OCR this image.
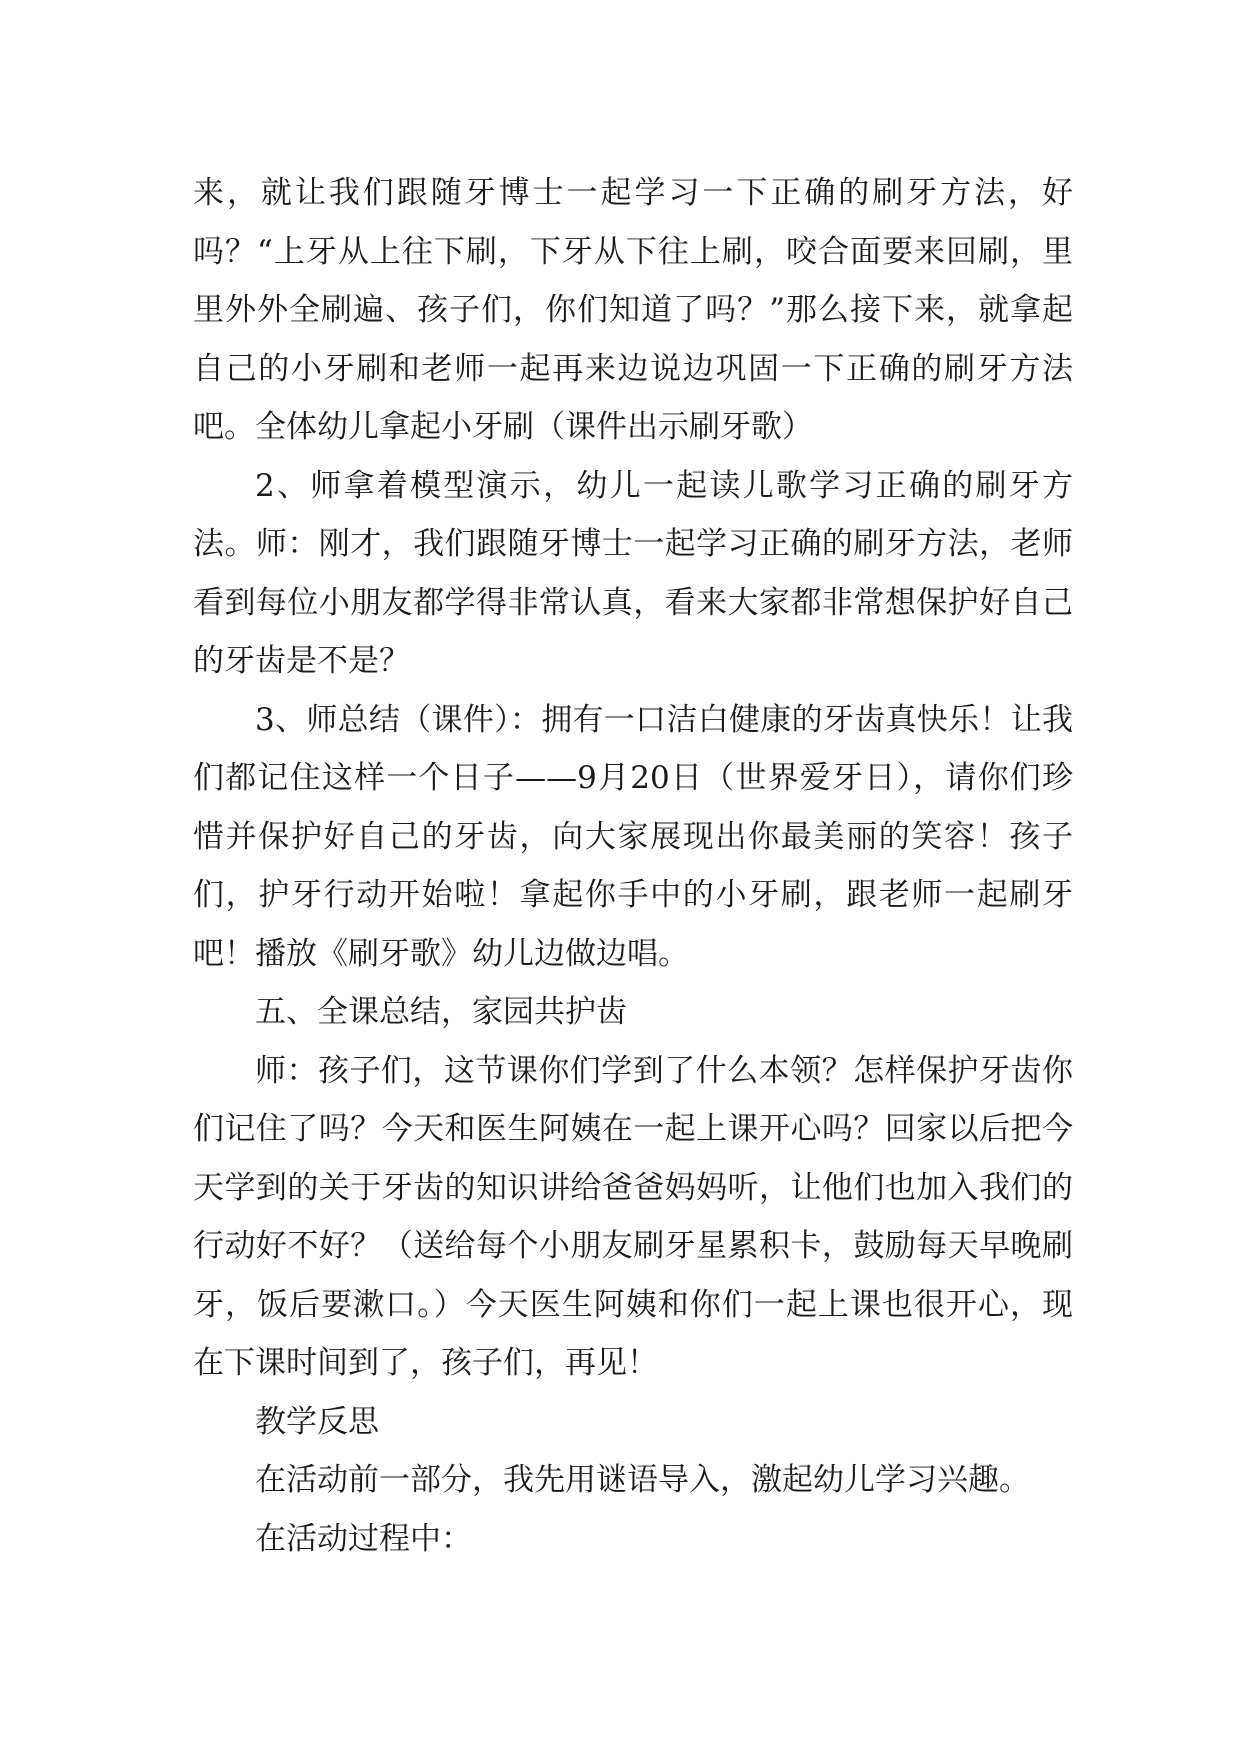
来，就让我们跟随牙博士一起学习一下正确的刷牙方法，好吗？“上牙从上往下刷，下牙从下往上刷，咬合面要来回刷，里里外外全刷遍、孩子们，你们知道了吗？”那么接下来，就拿起自己的小牙刷和老师一起再来边说边巩固一下正确的刷牙方法吧。全体幼儿拿起小牙刷（课件出示刷牙歌）

2、师拿着模型演示，幼儿一起读儿歌学习正确的刷牙方法。师：刚才，我们跟随牙博士一起学习正确的刷牙方法，老师看到每位小朋友都学得非常认真，看来大家都非常想保护好自己的牙齿是不是？

3、师总结（课件）：拥有一口洁白健康的牙齿真快乐！让我们都记住这样一个日子——9月20日（世界爱牙日），请你们珍惜并保护好自己的牙齿，向大家展现出你最美丽的笑容！孩子们，护牙行动开始啦！拿起你手中的小牙刷，跟老师一起刷牙吧！播放《刷牙歌》幼儿边做边唱。

五、全课总结，家园共护齿

师：孩子们，这节课你们学到了什么本领？怎样保护牙齿你们记住了吗？今天和医生阿姨在一起上课开心吗？回家以后把今天学到的关于牙齿的知识讲给爸爸妈妈听，让他们也加入我们的行动好不好？（送给每个小朋友刷牙星累积卡，鼓励每天早晚刷牙，饭后要漱口。）今天医生阿姨和你们一起上课也很开心，现在下课时间到了，孩子们，再见！

教学反思

在活动前一部分，我先用谜语导入，激起幼儿学习兴趣。

在活动过程中：
